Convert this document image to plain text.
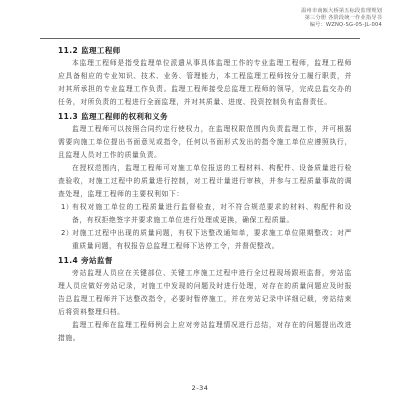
温州市南瓯大桥第五标段监理规划
第三分册 各阶段统一作业指导书
编号：WZNQ-SG-05-JL-004
11.2 监理工程师

本监理工程师是指受监理单位派遣从事具体监理工作的专业监理工程师，监理工程师应具备相应的专业知识、技术、业务、管理能力，本工程监理工程师按分工履行职责，并对其所承担的专业监理工作负责。监理工程师接受总监理工程师的领导，完成总监交办的任务，对所负责的工程进行全面监理，并对其质量、进度、投资控制负有监督责任。

11.3 监理工程师的权利和义务

监理工程师可以按照合同约定行使权力，在监理权限范围内负责监理工作，并可根据需要向施工单位提出书面意见或指令，任何以书面形式发出的指令施工单位应遵照执行，且监理人员对工作的质量负责。

在授权范围内，监理工程师可对施工单位报送的工程材料、构配件、设备质量进行检查验收，对施工过程中的质量进行控制，对工程计量进行审核，并参与工程质量事故的调查处理，监理工程师的主要权利如下：

1）
有权对施工单位的工程质量进行监督检查，对不符合规范要求的材料、构配件和设备，有权拒绝签字并要求施工单位进行处理或更换，确保工程质量。
2）
对施工过程中出现的质量问题，有权下达整改通知单，要求施工单位限期整改；对严重质量问题，有权报告总监理工程师下达停工令，并督促整改。
11.4 旁站监督

旁站监理人员应在关键部位、关键工序施工过程中进行全过程现场跟班监督，旁站监理人员应做好旁站记录，对施工中发现的问题及时进行处理，对存在的质量问题应及时报告总监理工程师并下达整改指令，必要时暂停施工，并在旁站记录中详细记载，旁站结束后将资料整理归档。

监理工程师在监理工程师例会上应对旁站监理情况进行总结，对存在的问题提出改进措施。

2-34
